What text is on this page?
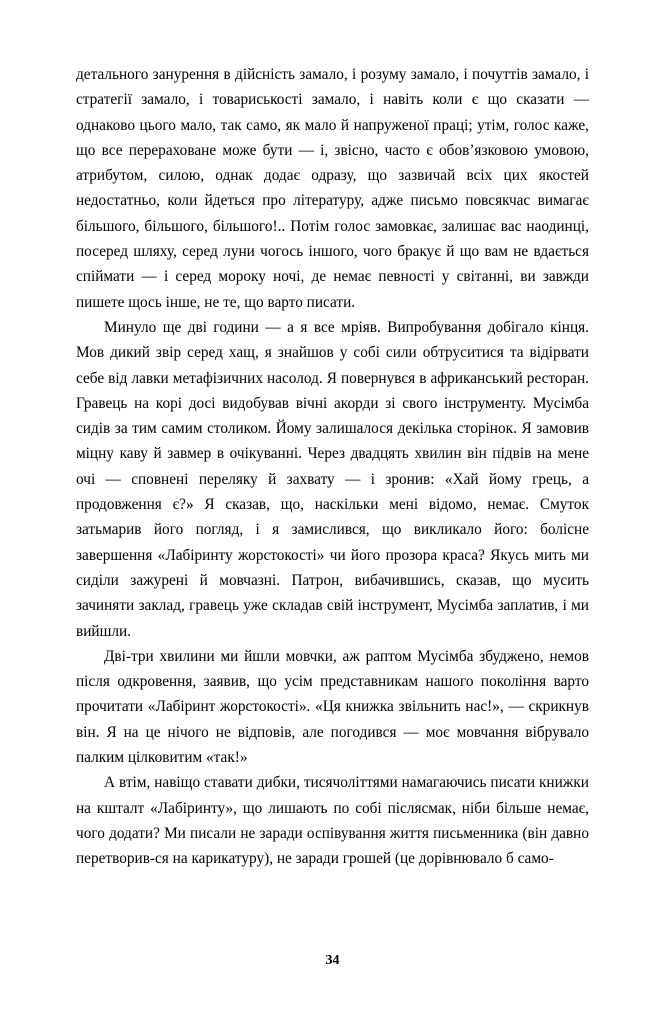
детального занурення в дійсність замало, і розуму замало, і почуттів замало, і стратегії замало, і товариськості замало, і навіть коли є що сказати — однаково цього мало, так само, як мало й напруженої праці; утім, голос каже, що все перераховане може бути — і, звісно, часто є обов’язковою умовою, атрибутом, силою, однак додає одразу, що зазвичай всіх цих якостей недостатньо, коли йдеться про літературу, адже письмо повсякчас вимагає більшого, більшого, більшого!.. Потім голос замовкає, залишає вас наодинці, посеред шляху, серед луни чогось іншого, чого бракує й що вам не вдається спіймати — і серед мороку ночі, де немає певності у світанні, ви завжди пишете щось інше, не те, що варто писати.

Минуло ще дві години — а я все мріяв. Випробування добігало кінця. Мов дикий звір серед хащ, я знайшов у собі сили обтруситися та відірвати себе від лавки метафізичних насолод. Я повернувся в африканський ресторан. Гравець на корі досі видобував вічні акорди зі свого інструменту. Мусімба сидів за тим самим столиком. Йому залишалося декілька сторінок. Я замовив міцну каву й завмер в очікуванні. Через двадцять хвилин він підвів на мене очі — сповнені переляку й захвату — і зронив: «Хай йому грець, а продовження є?» Я сказав, що, наскільки мені відомо, немає. Смуток затьмарив його погляд, і я замислився, що викликало його: болісне завершення «Лабіринту жорстокості» чи його прозора краса? Якусь мить ми сиділи зажурені й мовчазні. Патрон, вибачившись, сказав, що мусить зачиняти заклад, гравець уже складав свій інструмент, Мусімба заплатив, і ми вийшли.

Дві-три хвилини ми йшли мовчки, аж раптом Мусімба збуджено, немов після одкровення, заявив, що усім представникам нашого покоління варто прочитати «Лабіринт жорстокості». «Ця книжка звільнить нас!», — скрикнув він. Я на це нічого не відповів, але погодився — моє мовчання вібрувало палким цілковитим «так!»

А втім, навіщо ставати дибки, тисячоліттями намагаючись писати книжки на кшталт «Лабіринту», що лишають по собі післясмак, ніби більше немає, чого додати? Ми писали не заради оспівування життя письменника (він давно перетворив-ся на карикатуру), не заради грошей (це дорівнювало б само-

34
